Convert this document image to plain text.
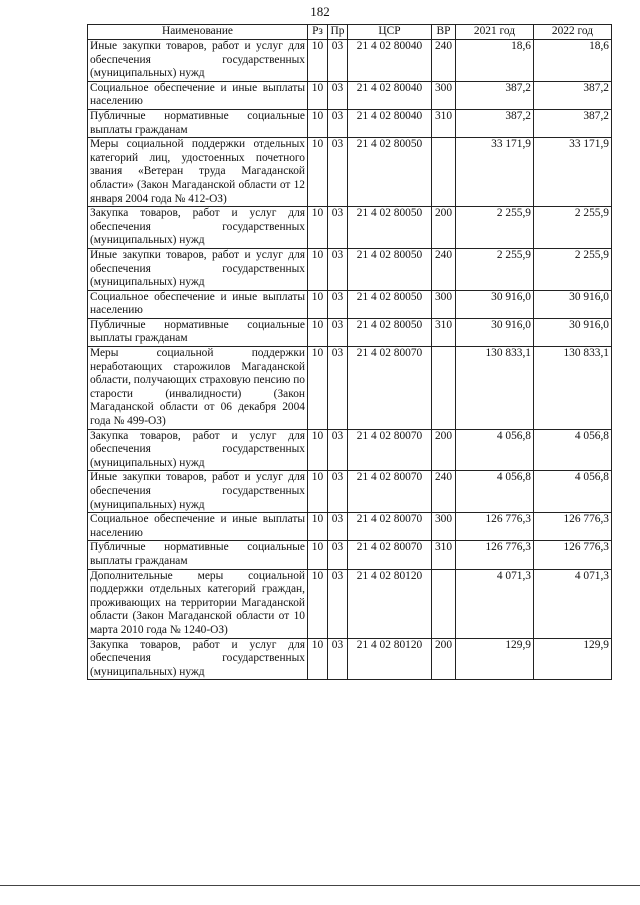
182
Наименование	Рз	Пр	ЦСР	ВР	2021 год	2022 год
Иные закупки товаров, работ и услуг для обеспечения государственных (муниципальных) нужд	10	03	21 4 02 80040	240	18,6	18,6
Социальное обеспечение и иные выплаты населению	10	03	21 4 02 80040	300	387,2	387,2
Публичные нормативные социальные выплаты гражданам	10	03	21 4 02 80040	310	387,2	387,2
Меры социальной поддержки отдельных категорий лиц, удостоенных почетного звания «Ветеран труда Магаданской области» (Закон Магаданской области от 12 января 2004 года № 412-ОЗ)	10	03	21 4 02 80050		33 171,9	33 171,9
Закупка товаров, работ и услуг для обеспечения государственных (муниципальных) нужд	10	03	21 4 02 80050	200	2 255,9	2 255,9
Иные закупки товаров, работ и услуг для обеспечения государственных (муниципальных) нужд	10	03	21 4 02 80050	240	2 255,9	2 255,9
Социальное обеспечение и иные выплаты населению	10	03	21 4 02 80050	300	30 916,0	30 916,0
Публичные нормативные социальные выплаты гражданам	10	03	21 4 02 80050	310	30 916,0	30 916,0
Меры социальной поддержки неработающих старожилов Магаданской области, получающих страховую пенсию по старости (инвалидности) (Закон Магаданской области от 06 декабря 2004 года № 499-ОЗ)	10	03	21 4 02 80070		130 833,1	130 833,1
Закупка товаров, работ и услуг для обеспечения государственных (муниципальных) нужд	10	03	21 4 02 80070	200	4 056,8	4 056,8
Иные закупки товаров, работ и услуг для обеспечения государственных (муниципальных) нужд	10	03	21 4 02 80070	240	4 056,8	4 056,8
Социальное обеспечение и иные выплаты населению	10	03	21 4 02 80070	300	126 776,3	126 776,3
Публичные нормативные социальные выплаты гражданам	10	03	21 4 02 80070	310	126 776,3	126 776,3
Дополнительные меры социальной поддержки отдельных категорий граждан, проживающих на территории Магаданской области (Закон Магаданской области от 10 марта 2010 года № 1240-ОЗ)	10	03	21 4 02 80120		4 071,3	4 071,3
Закупка товаров, работ и услуг для обеспечения государственных (муниципальных) нужд	10	03	21 4 02 80120	200	129,9	129,9
